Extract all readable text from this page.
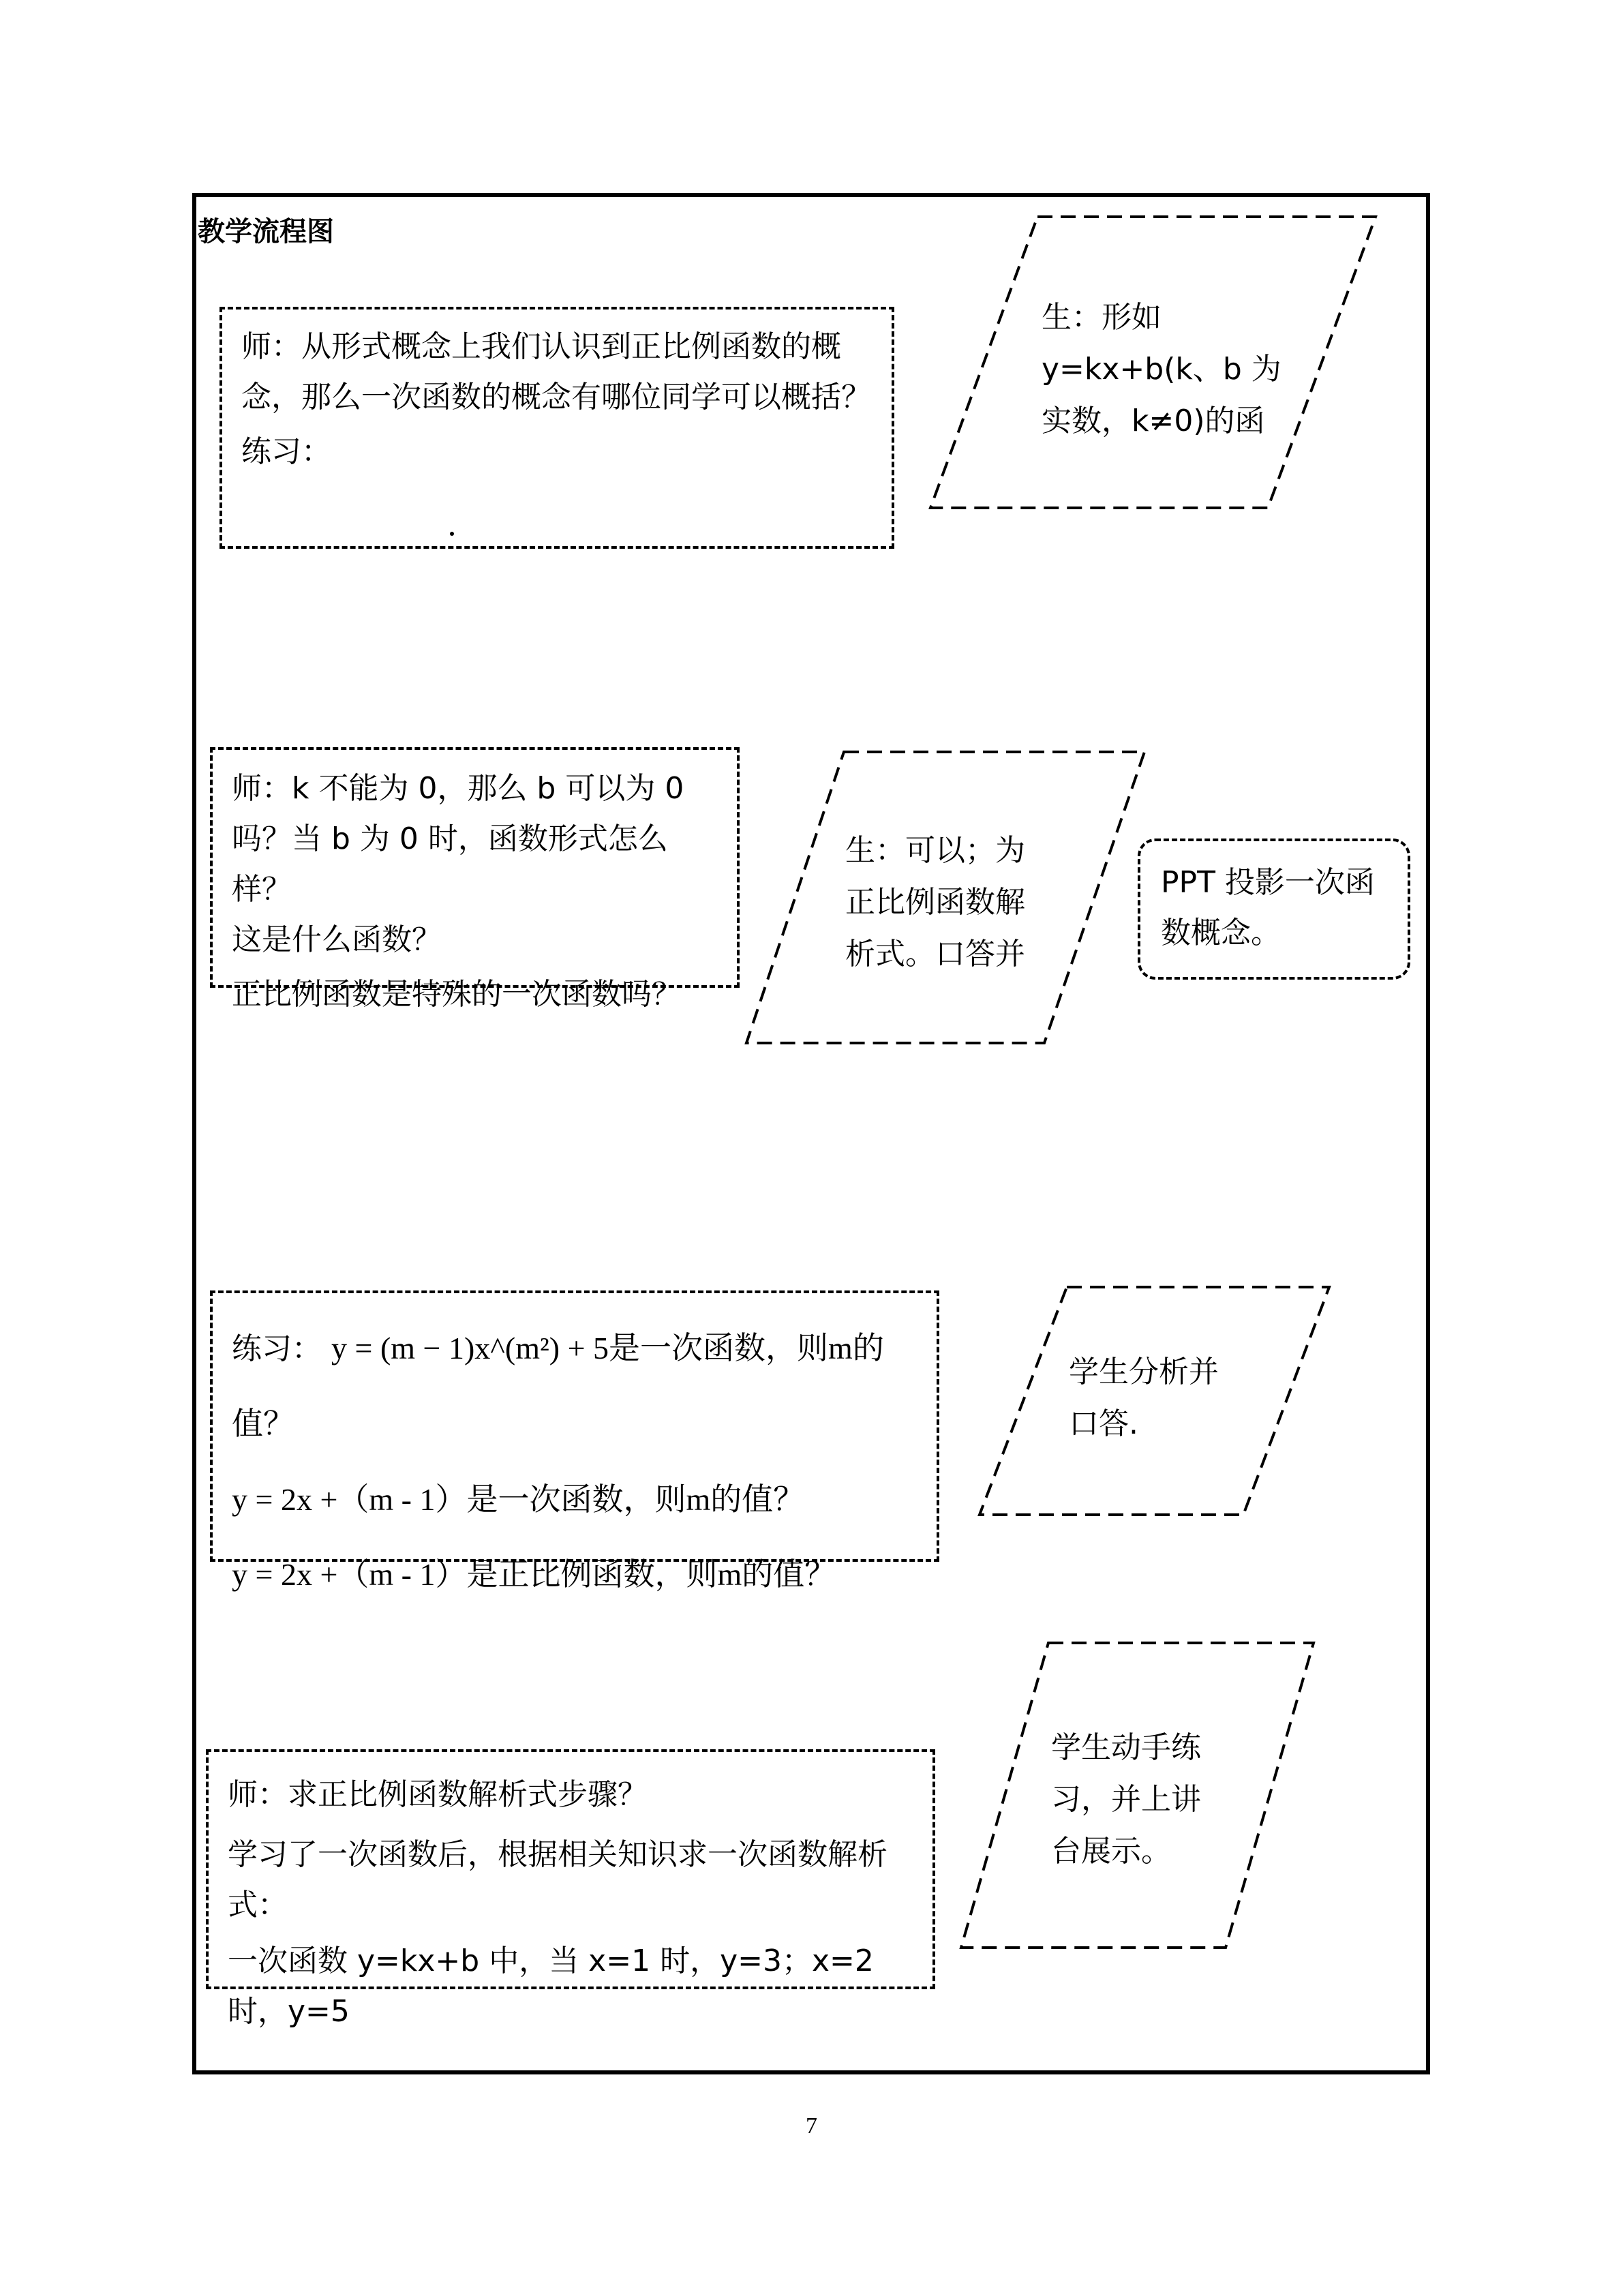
教学流程图

师：从形式概念上我们认识到正比例函数的概念，那么一次函数的概念有哪位同学可以概括？

练习：

生：形如
y=kx+b(k、b 为
实数，k≠0)的函

师：k 不能为 0，那么 b 可以为 0

吗？当 b 为 0 时，函数形式怎么样？

这是什么函数？

正比例函数是特殊的一次函数吗？

生：可以；为
正比例函数解
析式。口答并

PPT 投影一次函数概念。

练习： y = (m − 1)x^(m²) + 5是一次函数，则m的值？

y = 2x +（m - 1）是一次函数，则m的值？

y = 2x +（m - 1）是正比例函数，则m的值？

学生分析并
口答.

师：求正比例函数解析式步骤？

学习了一次函数后，根据相关知识求一次函数解析式：

一次函数 y=kx+b 中，当 x=1 时，y=3；x=2 时，y=5

学生动手练
习，并上讲
台展示。
7
